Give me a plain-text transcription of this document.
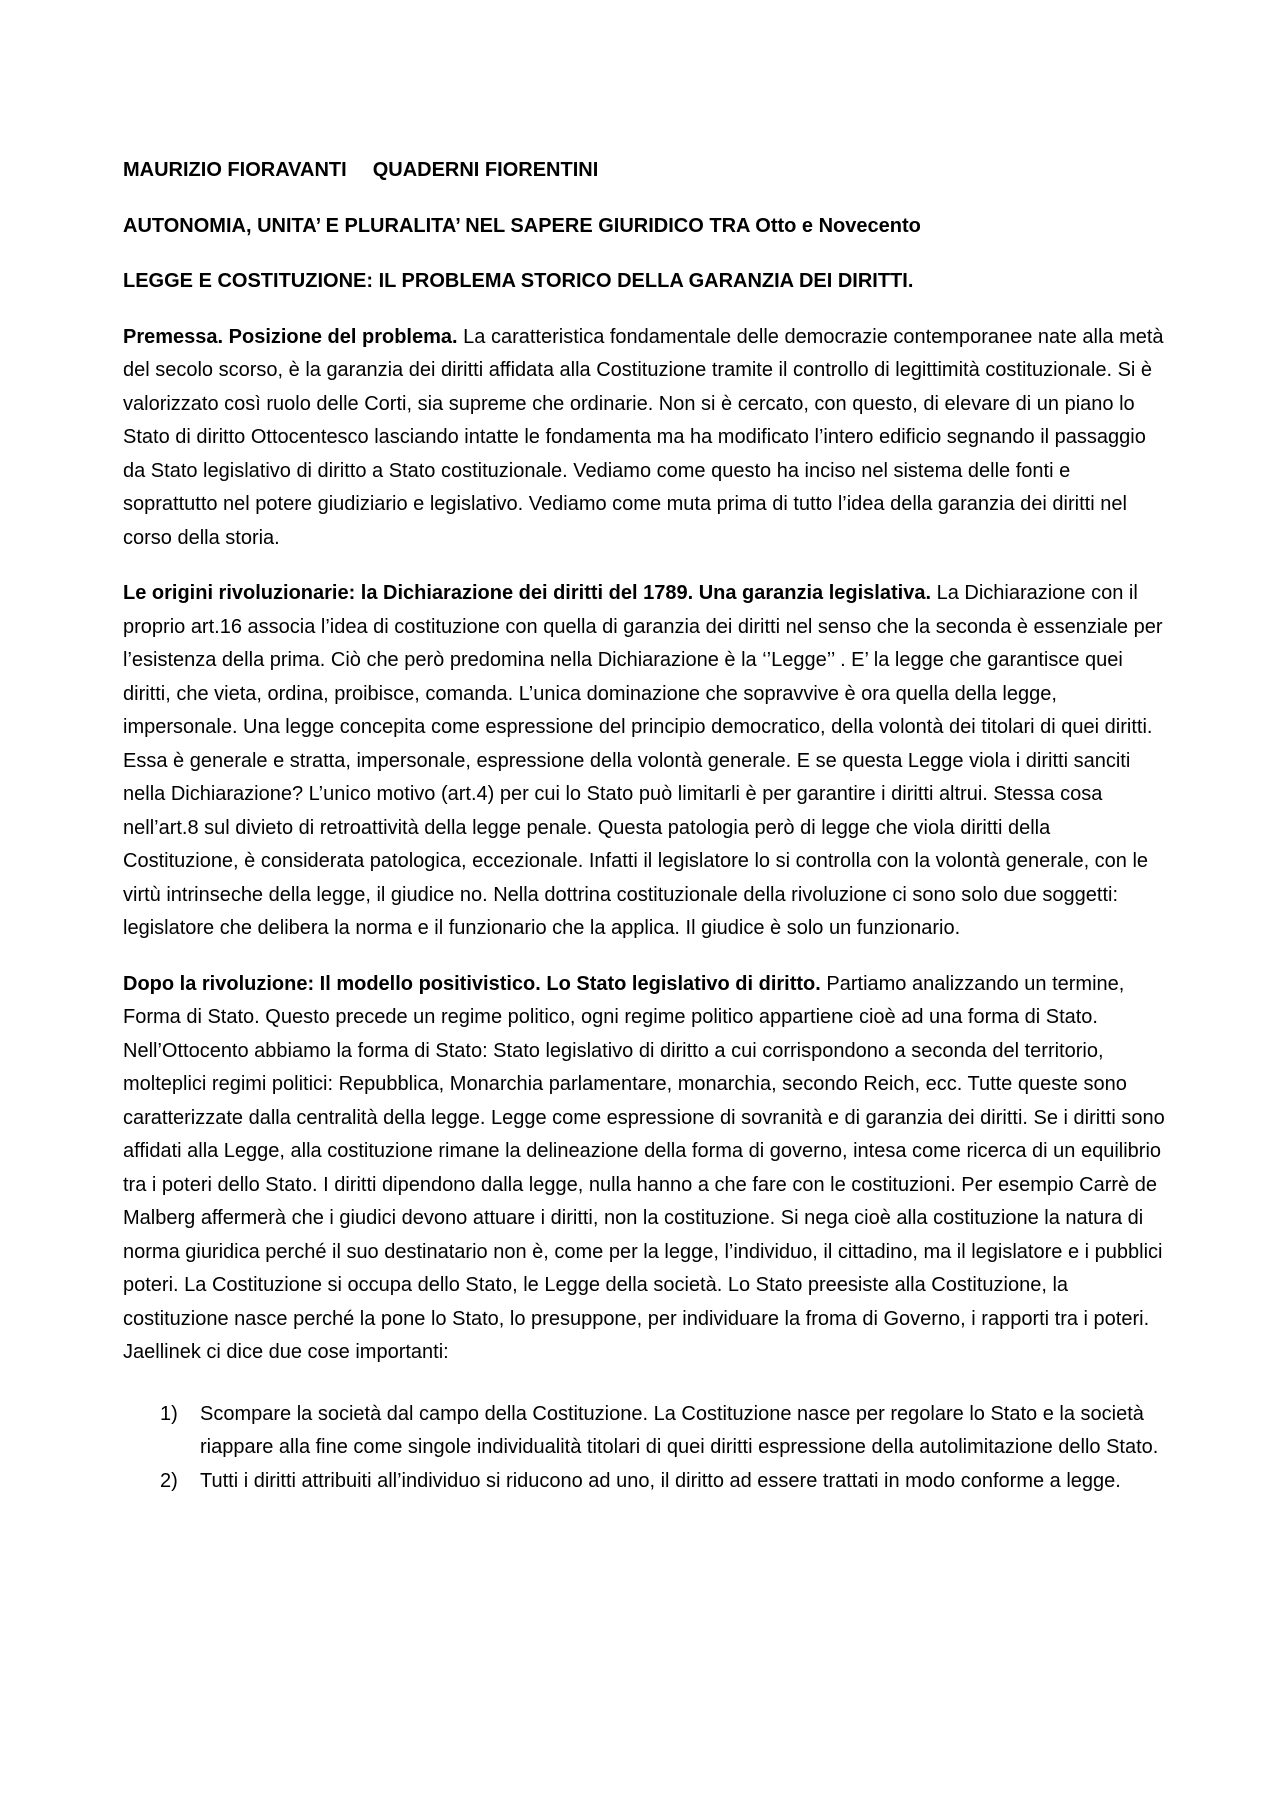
MAURIZIO FIORAVANTI QUADERNI FIORENTINI

AUTONOMIA, UNITA’ E PLURALITA’ NEL SAPERE GIURIDICO TRA Otto e Novecento

LEGGE E COSTITUZIONE: IL PROBLEMA STORICO DELLA GARANZIA DEI DIRITTI.

Premessa. Posizione del problema. La caratteristica fondamentale delle democrazie contemporanee nate alla metà del secolo scorso, è la garanzia dei diritti affidata alla Costituzione tramite il controllo di legittimità costituzionale. Si è valorizzato così ruolo delle Corti, sia supreme che ordinarie. Non si è cercato, con questo, di elevare di un piano lo Stato di diritto Ottocentesco lasciando intatte le fondamenta ma ha modificato l’intero edificio segnando il passaggio da Stato legislativo di diritto a Stato costituzionale. Vediamo come questo ha inciso nel sistema delle fonti e soprattutto nel potere giudiziario e legislativo. Vediamo come muta prima di tutto l’idea della garanzia dei diritti nel corso della storia.

Le origini rivoluzionarie: la Dichiarazione dei diritti del 1789. Una garanzia legislativa. La Dichiarazione con il proprio art.16 associa l’idea di costituzione con quella di garanzia dei diritti nel senso che la seconda è essenziale per l’esistenza della prima. Ciò che però predomina nella Dichiarazione è la ‘’Legge’’ . E’ la legge che garantisce quei diritti, che vieta, ordina, proibisce, comanda. L’unica dominazione che sopravvive è ora quella della legge, impersonale. Una legge concepita come espressione del principio democratico, della volontà dei titolari di quei diritti. Essa è generale e stratta, impersonale, espressione della volontà generale. E se questa Legge viola i diritti sanciti nella Dichiarazione? L’unico motivo (art.4) per cui lo Stato può limitarli è per garantire i diritti altrui. Stessa cosa nell’art.8 sul divieto di retroattività della legge penale. Questa patologia però di legge che viola diritti della Costituzione, è considerata patologica, eccezionale. Infatti il legislatore lo si controlla con la volontà generale, con le virtù intrinseche della legge, il giudice no. Nella dottrina costituzionale della rivoluzione ci sono solo due soggetti: legislatore che delibera la norma e il funzionario che la applica. Il giudice è solo un funzionario.

Dopo la rivoluzione: Il modello positivistico. Lo Stato legislativo di diritto. Partiamo analizzando un termine, Forma di Stato. Questo precede un regime politico, ogni regime politico appartiene cioè ad una forma di Stato. Nell’Ottocento abbiamo la forma di Stato: Stato legislativo di diritto a cui corrispondono a seconda del territorio, molteplici regimi politici: Repubblica, Monarchia parlamentare, monarchia, secondo Reich, ecc. Tutte queste sono caratterizzate dalla centralità della legge. Legge come espressione di sovranità e di garanzia dei diritti. Se i diritti sono affidati alla Legge, alla costituzione rimane la delineazione della forma di governo, intesa come ricerca di un equilibrio tra i poteri dello Stato. I diritti dipendono dalla legge, nulla hanno a che fare con le costituzioni. Per esempio Carrè de Malberg affermerà che i giudici devono attuare i diritti, non la costituzione. Si nega cioè alla costituzione la natura di norma giuridica perché il suo destinatario non è, come per la legge, l’individuo, il cittadino, ma il legislatore e i pubblici poteri. La Costituzione si occupa dello Stato, le Legge della società. Lo Stato preesiste alla Costituzione, la costituzione nasce perché la pone lo Stato, lo presuppone, per individuare la froma di Governo, i rapporti tra i poteri. Jaellinek ci dice due cose importanti:

1) Scompare la società dal campo della Costituzione. La Costituzione nasce per regolare lo Stato e la società riappare alla fine come singole individualità titolari di quei diritti espressione della autolimitazione dello Stato.
2) Tutti i diritti attribuiti all’individuo si riducono ad uno, il diritto ad essere trattati in modo conforme a legge.
